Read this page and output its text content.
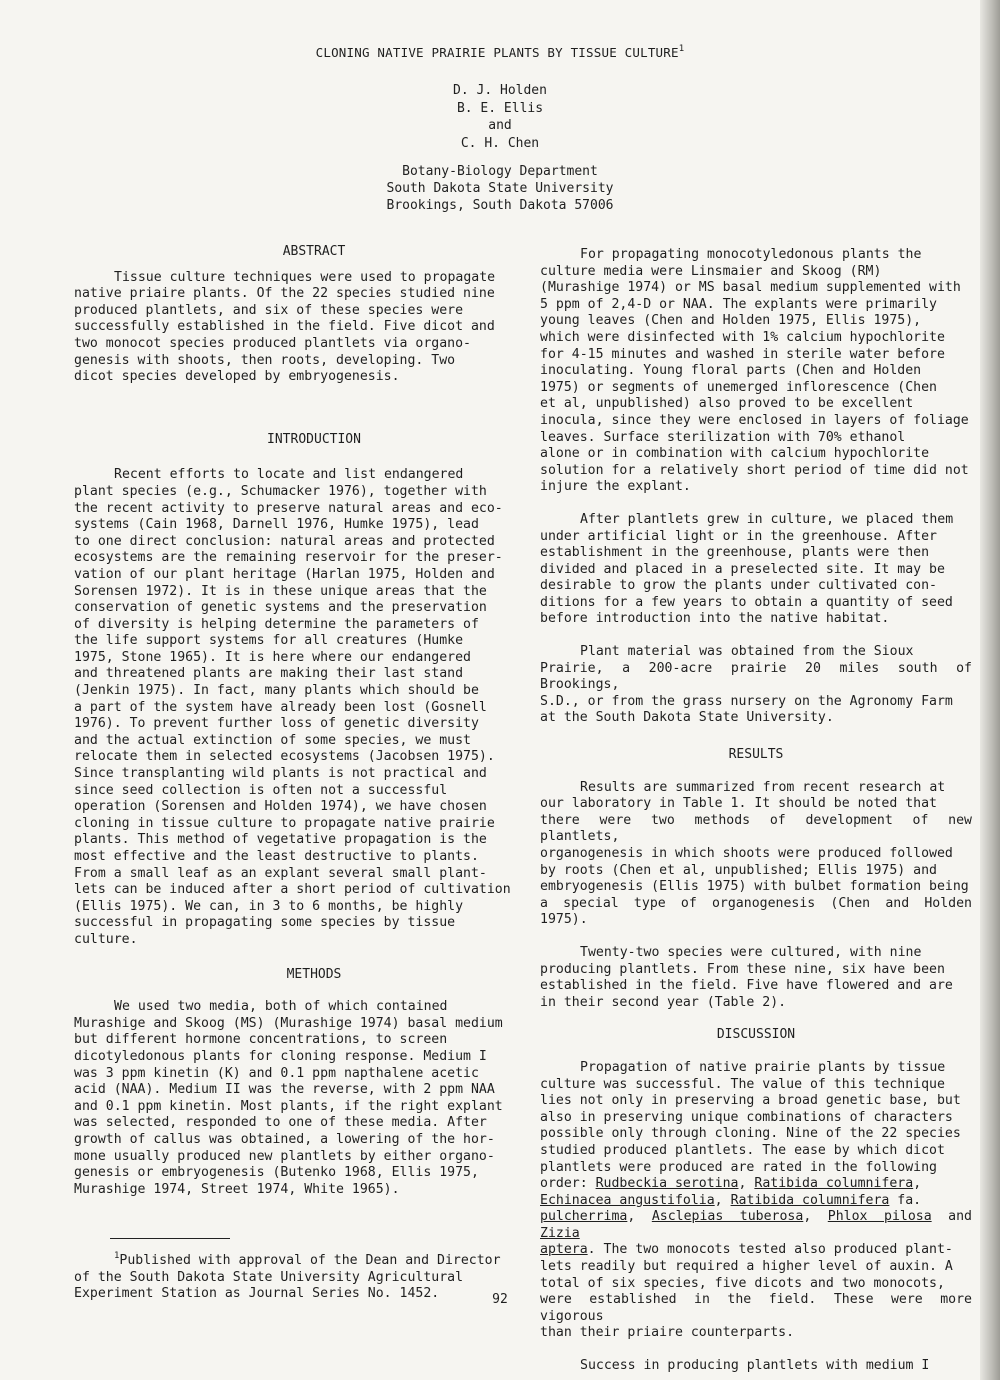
CLONING NATIVE PRAIRIE PLANTS BY TISSUE CULTURE$^1$
D. J. Holden
B. E. Ellis
and
C. H. Chen
Botany-Biology Department
South Dakota State University
Brookings, South Dakota 57006
ABSTRACT

Tissue culture techniques were used to propagate
native priaire plants. Of the 22 species studied nine
produced plantlets, and six of these species were
successfully established in the field. Five dicot and
two monocot species produced plantlets via organo-
genesis with shoots, then roots, developing. Two
dicot species developed by embryogenesis.

INTRODUCTION

Recent efforts to locate and list endangered
plant species (e.g., Schumacker 1976), together with
the recent activity to preserve natural areas and eco-
systems (Cain 1968, Darnell 1976, Humke 1975), lead
to one direct conclusion: natural areas and protected
ecosystems are the remaining reservoir for the preser-
vation of our plant heritage (Harlan 1975, Holden and
Sorensen 1972). It is in these unique areas that the
conservation of genetic systems and the preservation
of diversity is helping determine the parameters of
the life support systems for all creatures (Humke
1975, Stone 1965). It is here where our endangered
and threatened plants are making their last stand
(Jenkin 1975). In fact, many plants which should be
a part of the system have already been lost (Gosnell
1976). To prevent further loss of genetic diversity
and the actual extinction of some species, we must
relocate them in selected ecosystems (Jacobsen 1975).
Since transplanting wild plants is not practical and
since seed collection is often not a successful
operation (Sorensen and Holden 1974), we have chosen
cloning in tissue culture to propagate native prairie
plants. This method of vegetative propagation is the
most effective and the least destructive to plants.
From a small leaf as an explant several small plant-
lets can be induced after a short period of cultivation
(Ellis 1975). We can, in 3 to 6 months, be highly
successful in propagating some species by tissue
culture.

METHODS

We used two media, both of which contained
Murashige and Skoog (MS) (Murashige 1974) basal medium
but different hormone concentrations, to screen
dicotyledonous plants for cloning response. Medium I
was 3 ppm kinetin (K) and 0.1 ppm napthalene acetic
acid (NAA). Medium II was the reverse, with 2 ppm NAA
and 0.1 ppm kinetin. Most plants, if the right explant
was selected, responded to one of these media. After
growth of callus was obtained, a lowering of the hor-
mone usually produced new plantlets by either organo-
genesis or embryogenesis (Butenko 1968, Ellis 1975,
Murashige 1974, Street 1974, White 1965).

$^1$Published with approval of the Dean and Director
of the South Dakota State University Agricultural
Experiment Station as Journal Series No. 1452.

For propagating monocotyledonous plants the
culture media were Linsmaier and Skoog (RM)
(Murashige 1974) or MS basal medium supplemented with
5 ppm of 2,4-D or NAA. The explants were primarily
young leaves (Chen and Holden 1975, Ellis 1975),
which were disinfected with 1% calcium hypochlorite
for 4-15 minutes and washed in sterile water before
inoculating. Young floral parts (Chen and Holden
1975) or segments of unemerged inflorescence (Chen
et al, unpublished) also proved to be excellent
inocula, since they were enclosed in layers of foliage
leaves. Surface sterilization with 70% ethanol
alone or in combination with calcium hypochlorite
solution for a relatively short period of time did not
injure the explant.

After plantlets grew in culture, we placed them
under artificial light or in the greenhouse. After
establishment in the greenhouse, plants were then
divided and placed in a preselected site. It may be
desirable to grow the plants under cultivated con-
ditions for a few years to obtain a quantity of seed
before introduction into the native habitat.

Plant material was obtained from the Sioux
Prairie, a 200-acre prairie 20 miles south of Brookings,
S.D., or from the grass nursery on the Agronomy Farm
at the South Dakota State University.

RESULTS

Results are summarized from recent research at
our laboratory in Table 1. It should be noted that
there were two methods of development of new plantlets,
organogenesis in which shoots were produced followed
by roots (Chen et al, unpublished; Ellis 1975) and
embryogenesis (Ellis 1975) with bulbet formation being
a special type of organogenesis (Chen and Holden 1975).

Twenty-two species were cultured, with nine
producing plantlets. From these nine, six have been
established in the field. Five have flowered and are
in their second year (Table 2).

DISCUSSION

Propagation of native prairie plants by tissue
culture was successful. The value of this technique
lies not only in preserving a broad genetic base, but
also in preserving unique combinations of characters
possible only through cloning. Nine of the 22 species
studied produced plantlets. The ease by which dicot
plantlets were produced are rated in the following
order: Rudbeckia serotina, Ratibida columnifera,
Echinacea angustifolia, Ratibida columnifera fa.
pulcherrima, Asclepias tuberosa, Phlox pilosa and Zizia
aptera. The two monocots tested also produced plant-
lets readily but required a higher level of auxin. A
total of six species, five dicots and two monocots,
were established in the field. These were more vigorous
than their priaire counterparts.

Success in producing plantlets with medium I

92
